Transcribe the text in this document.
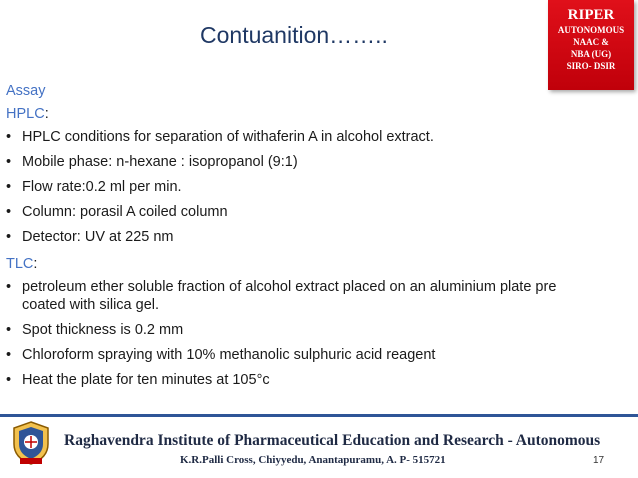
Contuanition……..
RIPER
AUTONOMOUS
NAAC &
NBA (UG)
SIRO- DSIR
Assay
HPLC:
• HPLC conditions for separation of withaferin A in alcohol extract.
• Mobile phase: n-hexane : isopropanol (9:1)
• Flow rate:0.2 ml per min.
• Column: porasil A coiled column
• Detector: UV at 225 nm
TLC:
• petroleum ether soluble fraction of alcohol extract placed on an aluminium plate pre coated with silica gel.
• Spot thickness is 0.2 mm
• Chloroform spraying with 10% methanolic sulphuric acid reagent
• Heat the plate for ten minutes at 105°c
Raghavendra Institute of Pharmaceutical Education and Research - Autonomous
K.R.Palli Cross, Chiyyedu, Anantapuramu, A. P- 515721	17
